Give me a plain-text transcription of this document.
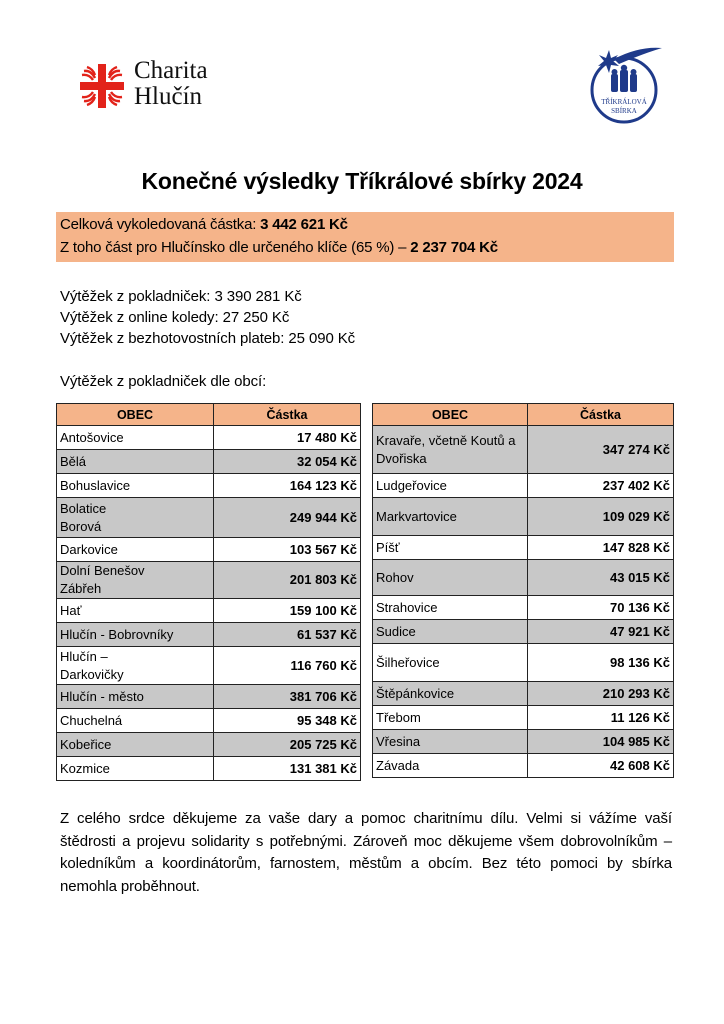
Charita
Hlučín	TŘÍKRÁLOVÁ
SBÍRKA
Konečné výsledky Tříkrálové sbírky 2024
Celková vykoledovaná částka: 3 442 621 Kč
Z toho část pro Hlučínsko dle určeného klíče (65 %) – 2 237 704 Kč
Výtěžek z pokladniček: 3 390 281 Kč
Výtěžek z online koledy: 27 250 Kč
Výtěžek z bezhotovostních plateb: 25 090 Kč
Výtěžek z pokladniček dle obcí:
OBEC	Částka
Antošovice	17 480 Kč
Bělá	32 054 Kč
Bohuslavice	164 123 Kč
Bolatice Borová	249 944 Kč
Darkovice	103 567 Kč
Dolní Benešov Zábřeh	201 803 Kč
Hať	159 100 Kč
Hlučín - Bobrovníky	61 537 Kč
Hlučín – Darkovičky	116 760 Kč
Hlučín - město	381 706 Kč
Chuchelná	95 348 Kč
Kobeřice	205 725 Kč
Kozmice	131 381 Kč
OBEC	Částka
Kravaře, včetně Koutů a Dvořiska	347 274 Kč
Ludgeřovice	237 402 Kč
Markvartovice	109 029 Kč
Píšť	147 828 Kč
Rohov	43 015 Kč
Strahovice	70 136 Kč
Sudice	47 921 Kč
Šilheřovice	98 136 Kč
Štěpánkovice	210 293 Kč
Třebom	11 126 Kč
Vřesina	104 985 Kč
Závada	42 608 Kč
Z celého srdce děkujeme za vaše dary a pomoc charitnímu dílu. Velmi si vážíme vaší štědrosti a projevu solidarity s potřebnými. Zároveň moc děkujeme všem dobrovolníkům – koledníkům a koordinátorům, farnostem, městům a obcím. Bez této pomoci by sbírka nemohla proběhnout.
